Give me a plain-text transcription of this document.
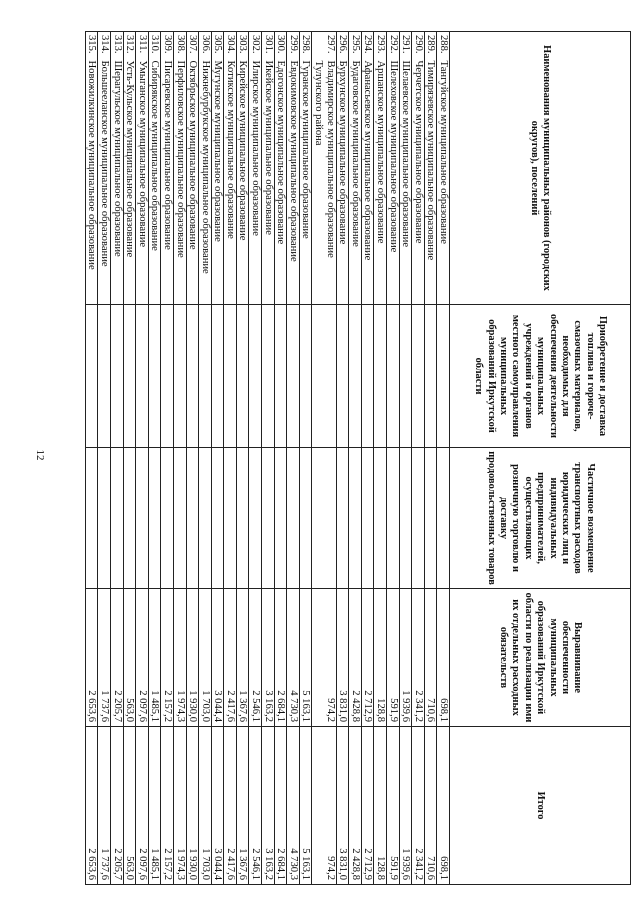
12
Наименования муниципальных районов (городских округов), поселений		Приобретение и доставка топлива и горюче-смазочных материалов, необходимых для обеспечения деятельности муниципальных учреждений и органов местного самоуправления муниципальных образований Иркутской области	Частичное возмещение транспортных расходов юридических лиц и индивидуальных предпринимателей, осуществляющих розничную торговлю и доставку продовольственных товаров	Выравнивание обеспеченности муниципальных образований Иркутской области по реализации ими их отдельных расходных обязательств	Итого
288.	Тангуйское муниципальное образование			698,1	698,1
289.	Тимирязевское муниципальное образование			710,6	710,6
290.	Черчетское муниципальное образование			2 341,2	2 341,2
291.	Шелаевское муниципальное образование			1 939,6	1 939,6
292.	Шелеховское муниципальное образование			591,9	591,9
293.	Аршанское муниципальное образование			128,8	128,8
294.	Афанасьевское муниципальное образование			2 712,9	2 712,9
295.	Будаговское муниципальное образование			2 428,8	2 428,8
296.	Бурхунское муниципальное образование			3 831,0	3 831,0
297.	Владимирское муниципальное образование Тулунского района			974,2	974,2
298.	Гуранское муниципальное образование			5 163,1	5 163,1
299.	Евдокимовское муниципальное образование			4 730,3	4 730,3
300.	Едогонское муниципальное образование			2 684,1	2 684,1
301.	Икейское муниципальное образование			3 163,2	3 163,2
302.	Илирское муниципальное образование			2 546,1	2 546,1
303.	Кирейское муниципальное образование			1 367,6	1 367,6
304.	Котикское муниципальное образование			2 417,6	2 417,6
305.	Мугунское муниципальное образование			3 044,4	3 044,4
306.	Нижнебурбукское муниципальное образование			1 703,0	1 703,0
307.	Октябрьское муниципальное образование			1 930,0	1 930,0
308.	Перфиловское муниципальное образование			1 974,3	1 974,3
309.	Писаревское муниципальное образование			2 157,2	2 157,2
310.	Сибирякское муниципальное образование			1 485,1	1 485,1
311.	Умыганское муниципальное образование			2 097,6	2 097,6
312.	Усть-Кульское муниципальное образование			563,0	563,0
313.	Шерагульское муниципальное образование			2 205,7	2 205,7
314.	Большееланское муниципальное образование			1 737,6	1 737,6
315.	Новожилкинское муниципальное образование			2 653,6	2 653,6
